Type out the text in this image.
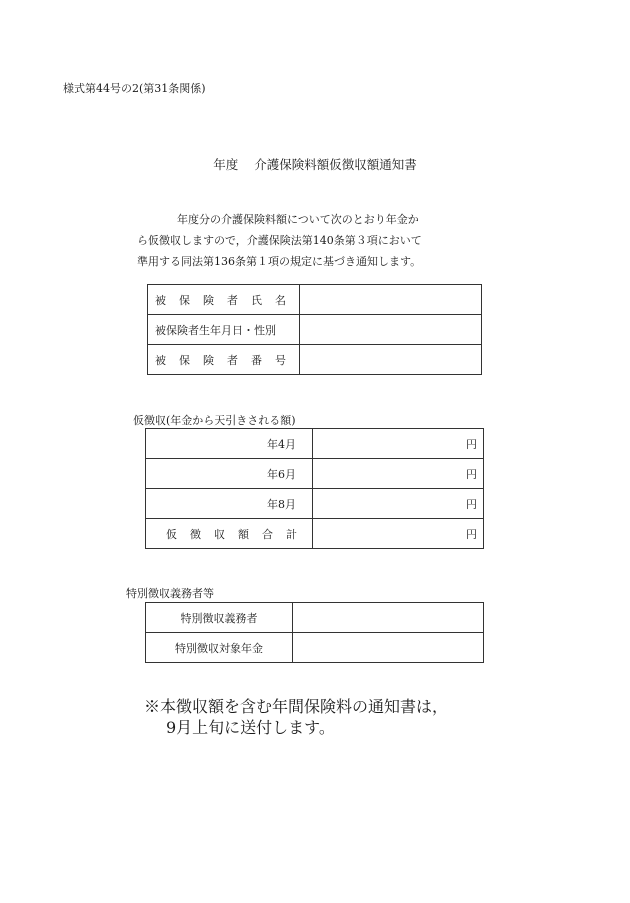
様式第44号の2(第31条関係)
年度 介護保険料額仮徴収額通知書
年度分の介護保険料額について次のとおり年金か
ら仮徴収しますので，介護保険法第140条第３項において
準用する同法第136条第１項の規定に基づき通知します。
被保険者氏名	
被保険者生年月日・性別	
被保険者番号	
仮徴収(年金から天引きされる額)
年4月	円
年6月	円
年8月	円
仮徴収額合計	円
特別徴収義務者等
特別徴収義務者	
特別徴収対象年金	
※本徴収額を含む年間保険料の通知書は，
9月上旬に送付します。
